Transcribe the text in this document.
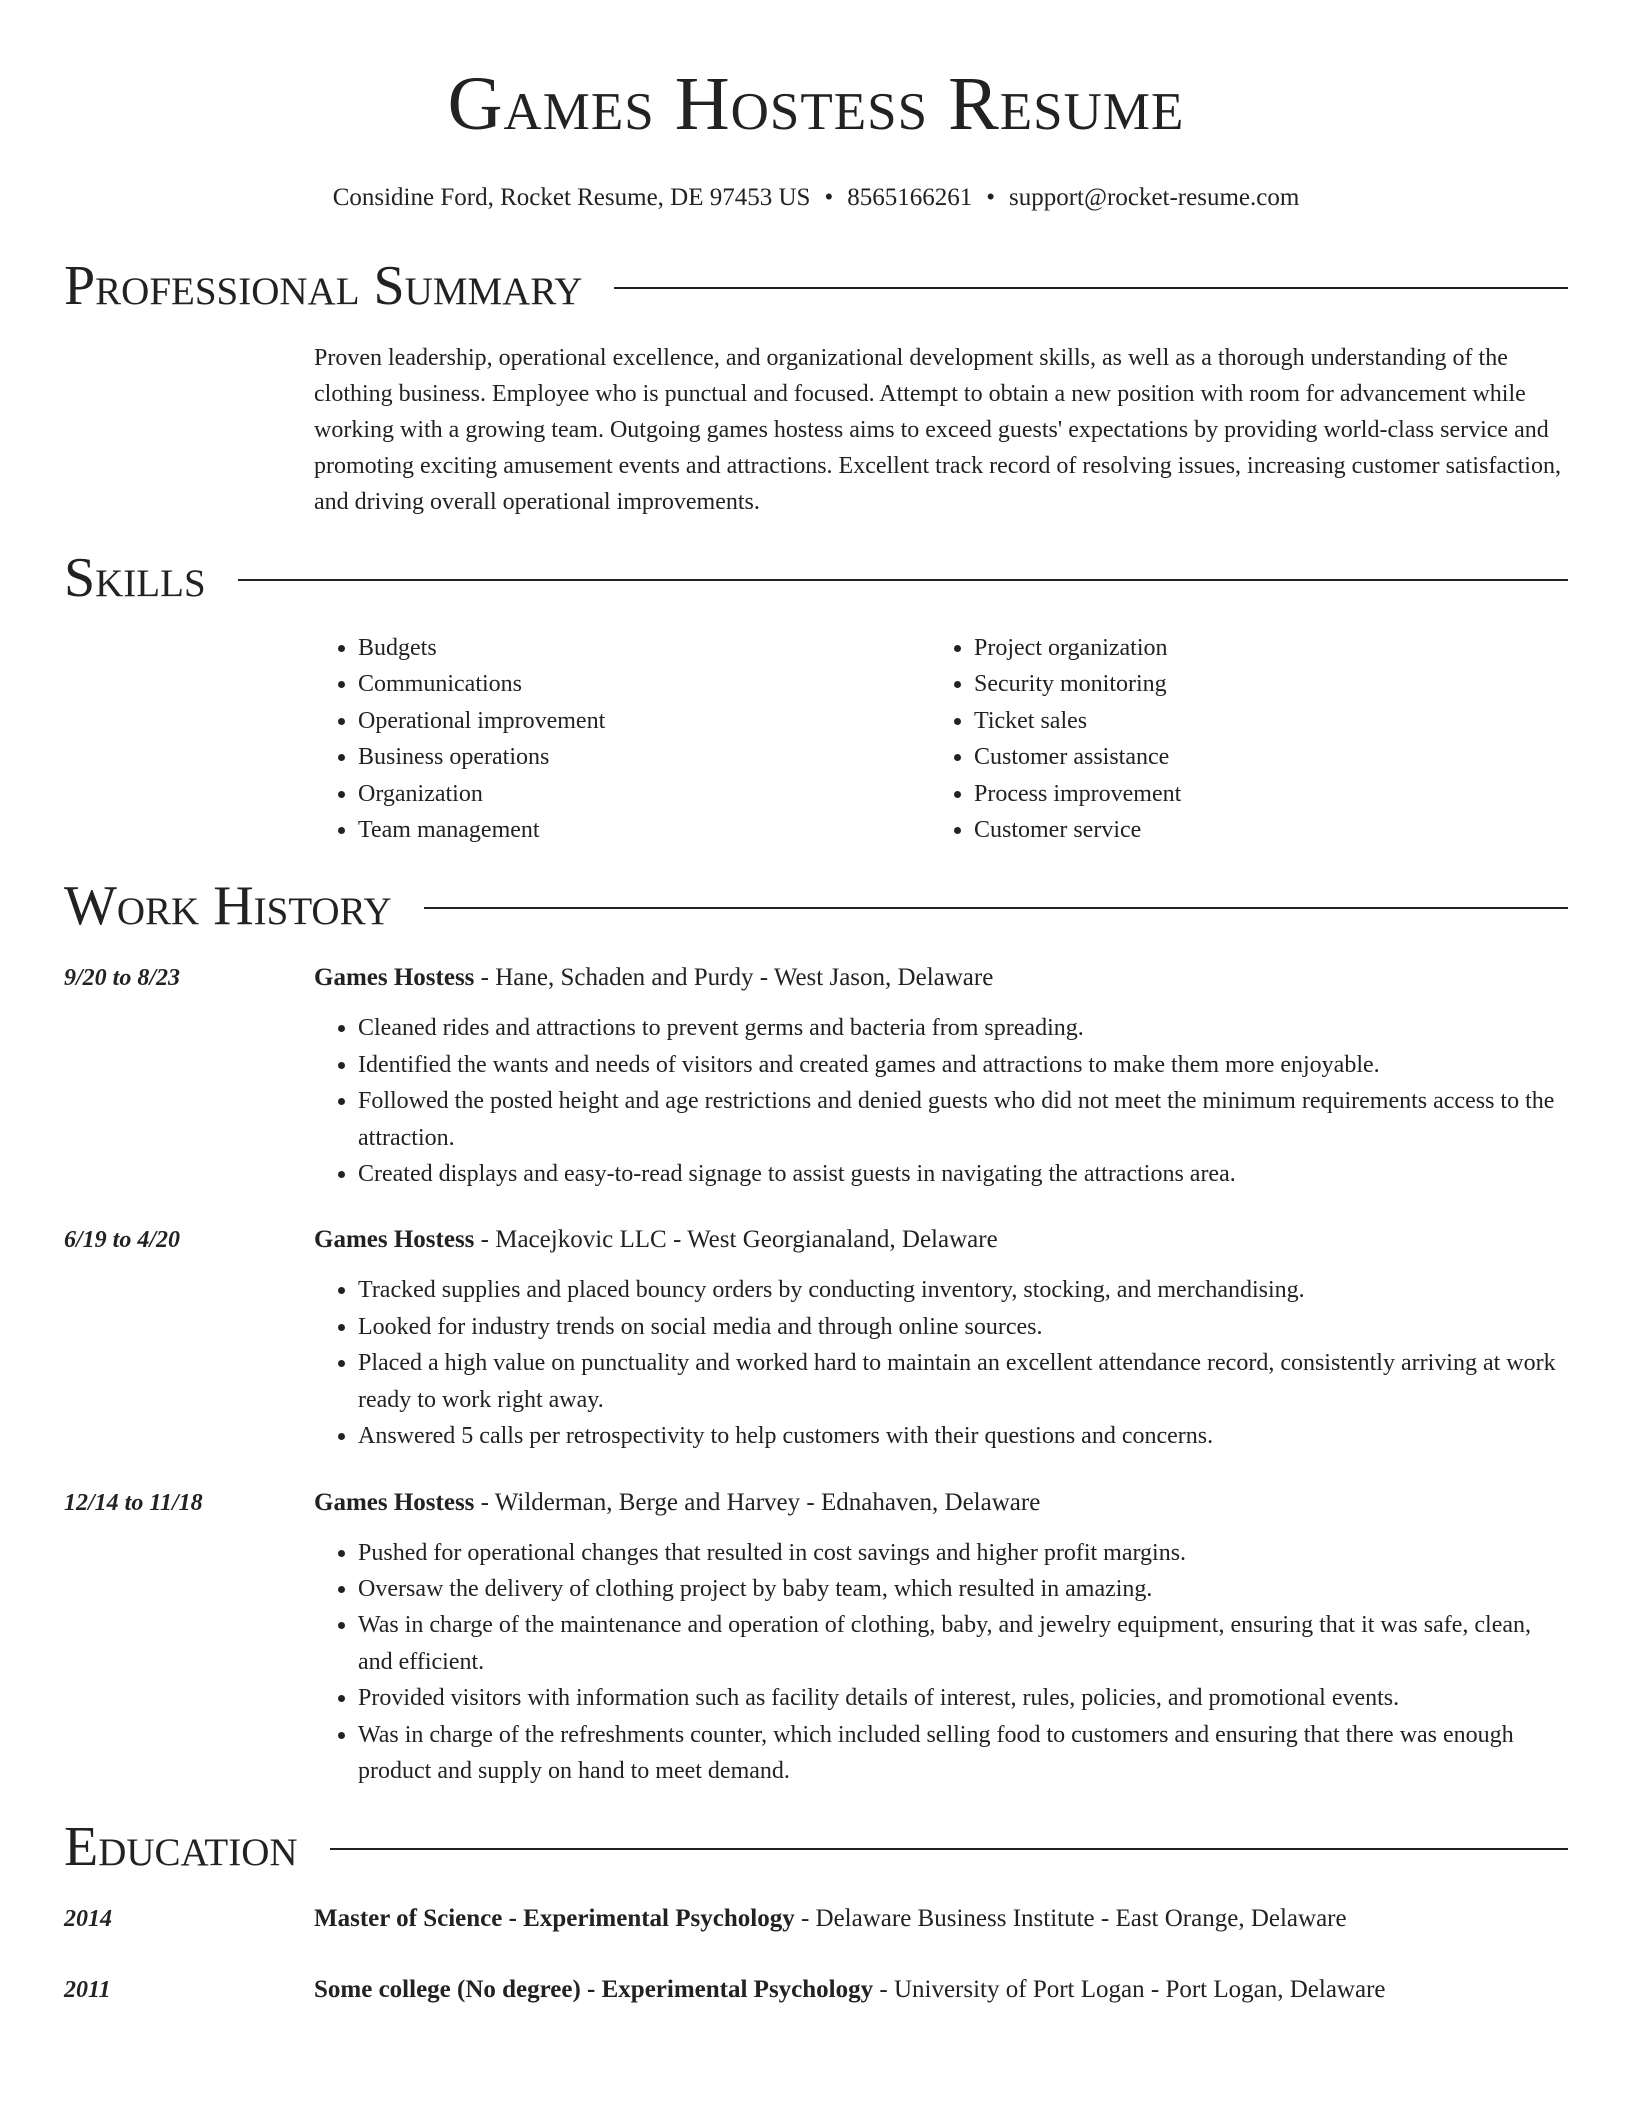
Games Hostess Resume
Considine Ford, Rocket Resume, DE 97453 US • 8565166261 • support@rocket-resume.com
Professional Summary
Proven leadership, operational excellence, and organizational development skills, as well as a thorough understanding of the clothing business. Employee who is punctual and focused. Attempt to obtain a new position with room for advancement while working with a growing team. Outgoing games hostess aims to exceed guests' expectations by providing world-class service and promoting exciting amusement events and attractions. Excellent track record of resolving issues, increasing customer satisfaction, and driving overall operational improvements.
Skills
• Budgets
• Communications
• Operational improvement
• Business operations
• Organization
• Team management
• Project organization
• Security monitoring
• Ticket sales
• Customer assistance
• Process improvement
• Customer service
Work History
9/20 to 8/23	Games Hostess - Hane, Schaden and Purdy - West Jason, Delaware
• Cleaned rides and attractions to prevent germs and bacteria from spreading.
• Identified the wants and needs of visitors and created games and attractions to make them more enjoyable.
• Followed the posted height and age restrictions and denied guests who did not meet the minimum requirements access to the attraction.
• Created displays and easy-to-read signage to assist guests in navigating the attractions area.
6/19 to 4/20	Games Hostess - Macejkovic LLC - West Georgianaland, Delaware
• Tracked supplies and placed bouncy orders by conducting inventory, stocking, and merchandising.
• Looked for industry trends on social media and through online sources.
• Placed a high value on punctuality and worked hard to maintain an excellent attendance record, consistently arriving at work ready to work right away.
• Answered 5 calls per retrospectivity to help customers with their questions and concerns.
12/14 to 11/18	Games Hostess - Wilderman, Berge and Harvey - Ednahaven, Delaware
• Pushed for operational changes that resulted in cost savings and higher profit margins.
• Oversaw the delivery of clothing project by baby team, which resulted in amazing.
• Was in charge of the maintenance and operation of clothing, baby, and jewelry equipment, ensuring that it was safe, clean, and efficient.
• Provided visitors with information such as facility details of interest, rules, policies, and promotional events.
• Was in charge of the refreshments counter, which included selling food to customers and ensuring that there was enough product and supply on hand to meet demand.
Education
2014	Master of Science - Experimental Psychology - Delaware Business Institute - East Orange, Delaware
2011	Some college (No degree) - Experimental Psychology - University of Port Logan - Port Logan, Delaware
